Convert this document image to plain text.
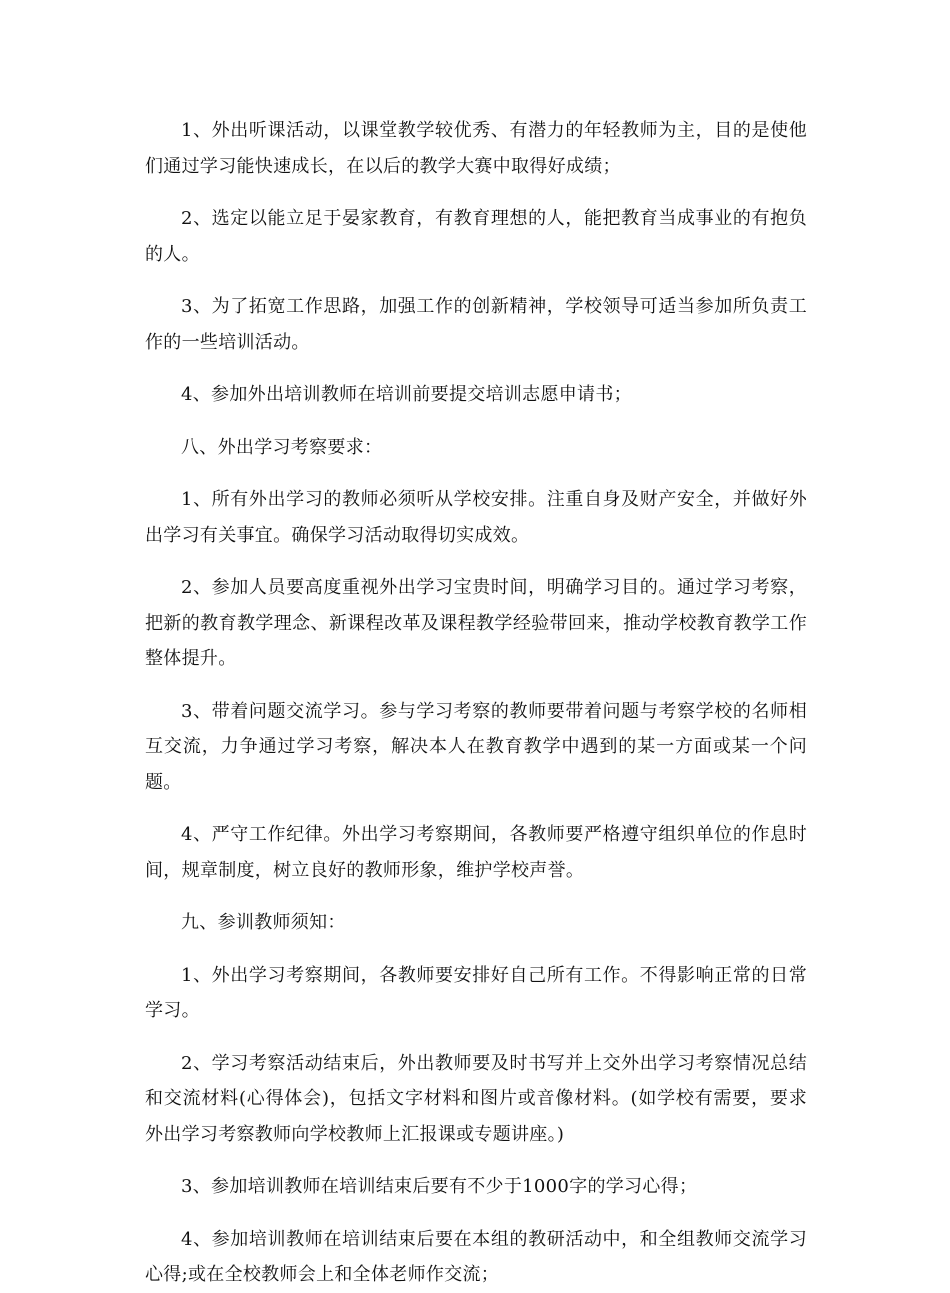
1、外出听课活动，以课堂教学较优秀、有潜力的年轻教师为主，目的是使他们通过学习能快速成长，在以后的教学大赛中取得好成绩；

2、选定以能立足于晏家教育，有教育理想的人，能把教育当成事业的有抱负的人。

3、为了拓宽工作思路，加强工作的创新精神，学校领导可适当参加所负责工作的一些培训活动。

4、参加外出培训教师在培训前要提交培训志愿申请书；

八、外出学习考察要求：

1、所有外出学习的教师必须听从学校安排。注重自身及财产安全，并做好外出学习有关事宜。确保学习活动取得切实成效。

2、参加人员要高度重视外出学习宝贵时间，明确学习目的。通过学习考察，把新的教育教学理念、新课程改革及课程教学经验带回来，推动学校教育教学工作整体提升。

3、带着问题交流学习。参与学习考察的教师要带着问题与考察学校的名师相互交流，力争通过学习考察，解决本人在教育教学中遇到的某一方面或某一个问题。

4、严守工作纪律。外出学习考察期间，各教师要严格遵守组织单位的作息时间，规章制度，树立良好的教师形象，维护学校声誉。

九、参训教师须知：

1、外出学习考察期间，各教师要安排好自己所有工作。不得影响正常的日常学习。

2、学习考察活动结束后，外出教师要及时书写并上交外出学习考察情况总结和交流材料(心得体会)，包括文字材料和图片或音像材料。(如学校有需要，要求外出学习考察教师向学校教师上汇报课或专题讲座。)

3、参加培训教师在培训结束后要有不少于1000字的学习心得；

4、参加培训教师在培训结束后要在本组的教研活动中，和全组教师交流学习心得;或在全校教师会上和全体老师作交流；
